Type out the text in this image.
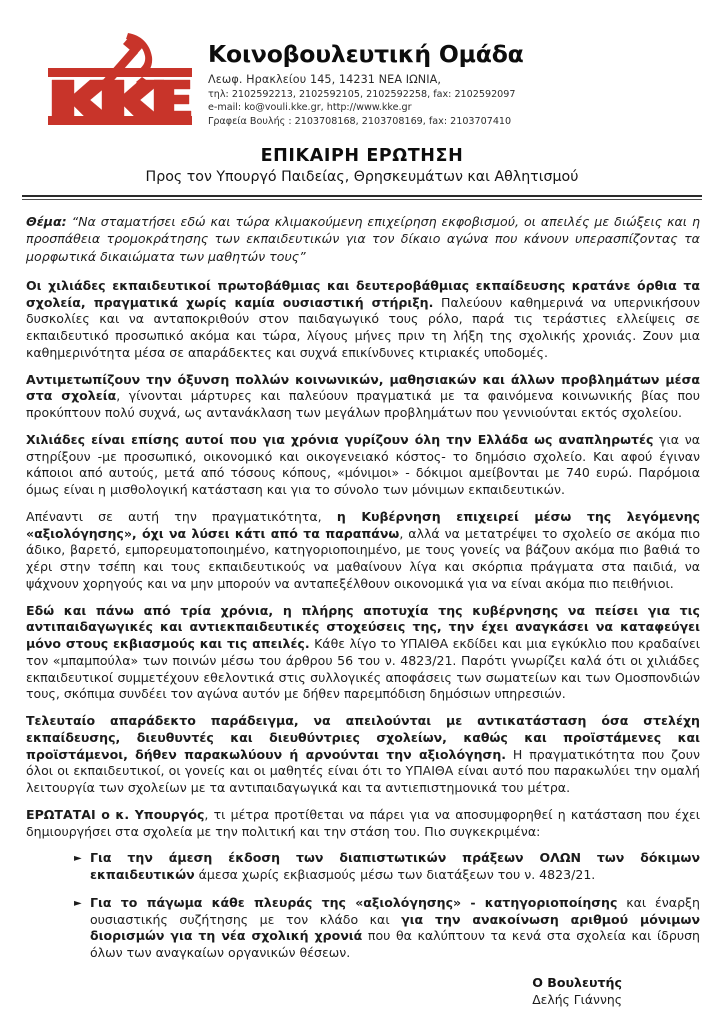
Κοινοβουλευτική Ομάδα
Λεωφ. Ηρακλείου 145, 14231 ΝΕΑ ΙΩΝΙΑ,
τηλ: 2102592213, 2102592105, 2102592258, fax: 2102592097
e-mail: ko@vouli.kke.gr, http://www.kke.gr
Γραφεία Βουλής : 2103708168, 2103708169, fax: 2103707410
ΕΠΙΚΑΙΡΗ ΕΡΩΤΗΣΗ
Προς τον Υπουργό Παιδείας, Θρησκευμάτων και Αθλητισμού

Θέμα: “Να σταματήσει εδώ και τώρα κλιμακούμενη επιχείρηση εκφοβισμού, οι απειλές με διώξεις και η προσπάθεια τρομοκράτησης των εκπαιδευτικών για τον δίκαιο αγώνα που κάνουν υπερασπίζοντας τα μορφωτικά δικαιώματα των μαθητών τους”

Οι χιλιάδες εκπαιδευτικοί πρωτοβάθμιας και δευτεροβάθμιας εκπαίδευσης κρατάνε όρθια τα σχολεία, πραγματικά χωρίς καμία ουσιαστική στήριξη. Παλεύουν καθημερινά να υπερνικήσουν δυσκολίες και να ανταποκριθούν στον παιδαγωγικό τους ρόλο, παρά τις τεράστιες ελλείψεις σε εκπαιδευτικό προσωπικό ακόμα και τώρα, λίγους μήνες πριν τη λήξη της σχολικής χρονιάς. Ζουν μια καθημερινότητα μέσα σε απαράδεκτες και συχνά επικίνδυνες κτιριακές υποδομές.

Αντιμετωπίζουν την όξυνση πολλών κοινωνικών, μαθησιακών και άλλων προβλημάτων μέσα στα σχολεία, γίνονται μάρτυρες και παλεύουν πραγματικά με τα φαινόμενα κοινωνικής βίας που προκύπτουν πολύ συχνά, ως αντανάκλαση των μεγάλων προβλημάτων που γεννιούνται εκτός σχολείου.

Χιλιάδες είναι επίσης αυτοί που για χρόνια γυρίζουν όλη την Ελλάδα ως αναπληρωτές για να στηρίξουν -με προσωπικό, οικονομικό και οικογενειακό κόστος- το δημόσιο σχολείο. Και αφού έγιναν κάποιοι από αυτούς, μετά από τόσους κόπους, «μόνιμοι» - δόκιμοι αμείβονται με 740 ευρώ. Παρόμοια όμως είναι η μισθολογική κατάσταση και για το σύνολο των μόνιμων εκπαιδευτικών.

Απέναντι σε αυτή την πραγματικότητα, η Κυβέρνηση επιχειρεί μέσω της λεγόμενης «αξιολόγησης», όχι να λύσει κάτι από τα παραπάνω, αλλά να μετατρέψει το σχολείο σε ακόμα πιο άδικο, βαρετό, εμπορευματοποιημένο, κατηγοριοποιημένο, με τους γονείς να βάζουν ακόμα πιο βαθιά το χέρι στην τσέπη και τους εκπαιδευτικούς να μαθαίνουν λίγα και σκόρπια πράγματα στα παιδιά, να ψάχνουν χορηγούς και να μην μπορούν να ανταπεξέλθουν οικονομικά για να είναι ακόμα πιο πειθήνιοι.

Εδώ και πάνω από τρία χρόνια, η πλήρης αποτυχία της κυβέρνησης να πείσει για τις αντιπαιδαγωγικές και αντιεκπαιδευτικές στοχεύσεις της, την έχει αναγκάσει να καταφεύγει μόνο στους εκβιασμούς και τις απειλές. Κάθε λίγο το ΥΠΑΙΘΑ εκδίδει και μια εγκύκλιο που κραδαίνει τον «μπαμπούλα» των ποινών μέσω του άρθρου 56 του ν. 4823/21. Παρότι γνωρίζει καλά ότι οι χιλιάδες εκπαιδευτικοί συμμετέχουν εθελοντικά στις συλλογικές αποφάσεις των σωματείων και των Ομοσπονδιών τους, σκόπιμα συνδέει τον αγώνα αυτόν με δήθεν παρεμπόδιση δημόσιων υπηρεσιών.

Τελευταίο απαράδεκτο παράδειγμα, να απειλούνται με αντικατάσταση όσα στελέχη εκπαίδευσης, διευθυντές και διευθύντριες σχολείων, καθώς και προϊστάμενες και προϊστάμενοι, δήθεν παρακωλύουν ή αρνούνται την αξιολόγηση. Η πραγματικότητα που ζουν όλοι οι εκπαιδευτικοί, οι γονείς και οι μαθητές είναι ότι το ΥΠΑΙΘΑ είναι αυτό που παρακωλύει την ομαλή λειτουργία των σχολείων με τα αντιπαιδαγωγικά και τα αντιεπιστημονικά του μέτρα.

ΕΡΩΤΑΤΑΙ ο κ. Υπουργός, τι μέτρα προτίθεται να πάρει για να αποσυμφορηθεί η κατάσταση που έχει δημιουργήσει στα σχολεία με την πολιτική και την στάση του. Πιο συγκεκριμένα:

► Για την άμεση έκδοση των διαπιστωτικών πράξεων ΟΛΩΝ των δόκιμων εκπαιδευτικών άμεσα χωρίς εκβιασμούς μέσω των διατάξεων του ν. 4823/21.
► Για το πάγωμα κάθε πλευράς της «αξιολόγησης» - κατηγοριοποίησης και έναρξη ουσιαστικής συζήτησης με τον κλάδο και για την ανακοίνωση αριθμού μόνιμων διορισμών για τη νέα σχολική χρονιά που θα καλύπτουν τα κενά στα σχολεία και ίδρυση όλων των αναγκαίων οργανικών θέσεων.
Ο Βουλευτής
Δελής Γιάννης
